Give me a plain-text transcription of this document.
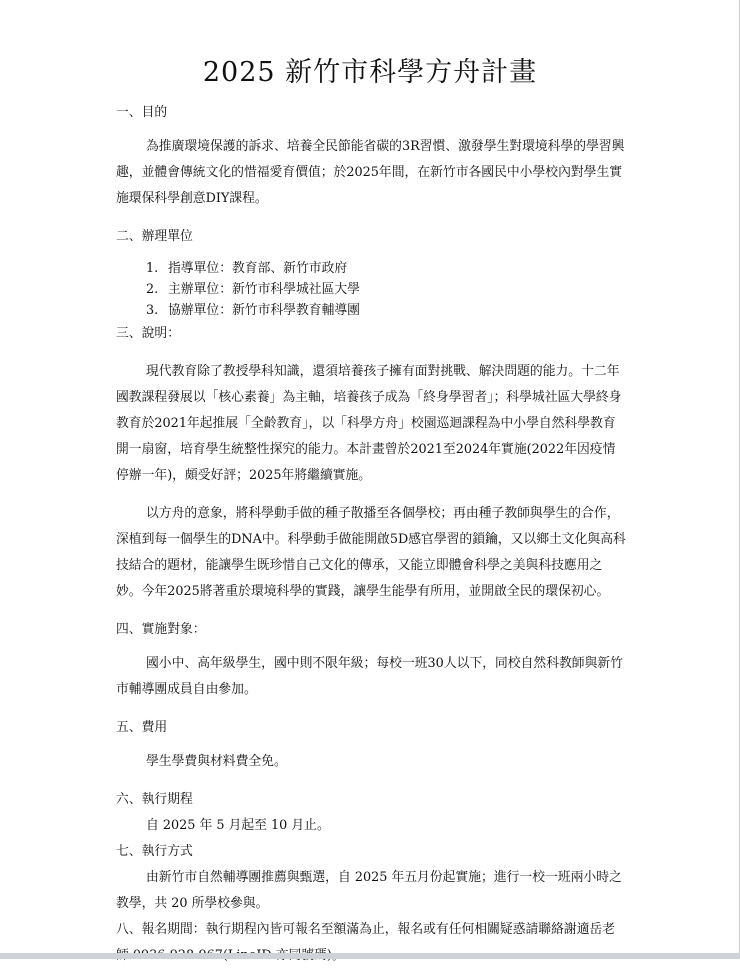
2025 新竹市科學方舟計畫

一、目的

為推廣環境保護的訴求、培養全民節能省碳的3R習慣、激發學生對環境科學的學習興趣，並體會傳統文化的惜福愛育價值；於2025年間，在新竹市各國民中小學校內對學生實施環保科學創意DIY課程。

二、辦理單位

1. 指導單位：教育部、新竹市政府
2. 主辦單位：新竹市科學城社區大學
3. 協辦單位：新竹市科學教育輔導團

三、說明：

現代教育除了教授學科知識，還須培養孩子擁有面對挑戰、解決問題的能力。十二年國教課程發展以「核心素養」為主軸，培養孩子成為「終身學習者」；科學城社區大學終身教育於2021年起推展「全齡教育」，以「科學方舟」校園巡迴課程為中小學自然科學教育開一扇窗，培育學生統整性探究的能力。本計畫曾於2021至2024年實施(2022年因疫情停辦一年)，頗受好評；2025年將繼續實施。

以方舟的意象，將科學動手做的種子散播至各個學校；再由種子教師與學生的合作，深植到每一個學生的DNA中。科學動手做能開啟5D感官學習的鎖鑰，又以鄉土文化與高科技結合的題材，能讓學生既珍惜自己文化的傳承，又能立即體會科學之美與科技應用之妙。今年2025將著重於環境科學的實踐，讓學生能學有所用，並開啟全民的環保初心。

四、實施對象：

國小中、高年級學生，國中則不限年級；每校一班30人以下，同校自然科教師與新竹市輔導團成員自由參加。

五、費用

學生學費與材料費全免。

六、執行期程

自 2025 年 5 月起至 10 月止。

七、執行方式

由新竹市自然輔導團推薦與甄選，自 2025 年五月份起實施；進行一校一班兩小時之教學，共 20 所學校參與。

八、報名期間：執行期程內皆可報名至額滿為止，報名或有任何相關疑惑請聯絡謝適岳老
